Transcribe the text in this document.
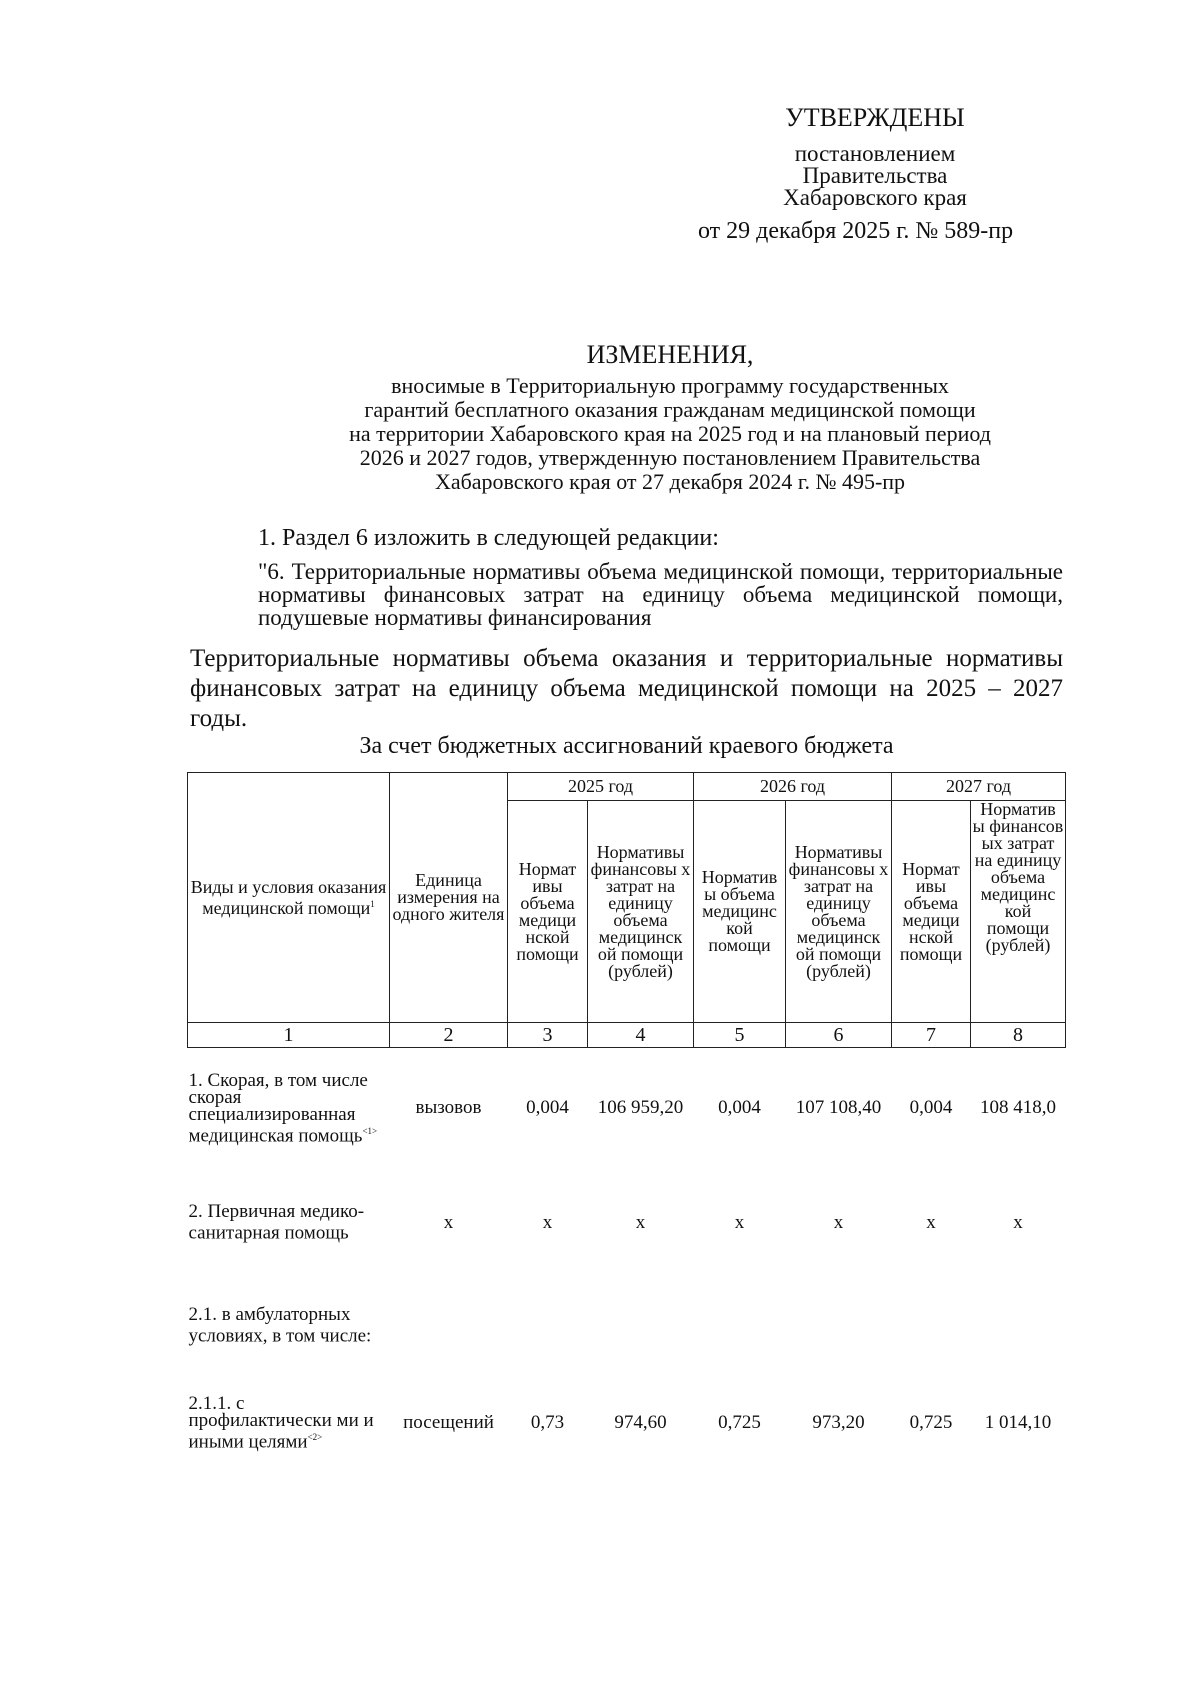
УТВЕРЖДЕНЫ
постановлением
Правительства
Хабаровского края
от 29 декабря 2025 г. № 589-пр
ИЗМЕНЕНИЯ,
вносимые в Территориальную программу государственных
гарантий бесплатного оказания гражданам медицинской помощи
на территории Хабаровского края на 2025 год и на плановый период
2026 и 2027 годов, утвержденную постановлением Правительства
Хабаровского края от 27 декабря 2024 г. № 495-пр
1. Раздел 6 изложить в следующей редакции:
"6. Территориальные нормативы объема медицинской помощи, территориальные нормативы финансовых затрат на единицу объема медицинской помощи, подушевые нормативы финансирования
Территориальные нормативы объема оказания и территориальные нормативы финансовых затрат на единицу объема медицинской помощи на 2025 – 2027 годы.
За счет бюджетных ассигнований краевого бюджета
Виды и условия оказания медицинской помощи$^1$	Единица измерения на одного жителя	2025 год		2026 год		2027 год	
		Нормат ивы объема медици нской помощи	Нормативы финансовы х затрат на единицу объема медицинск ой помощи (рублей)	Норматив ы объема медицинс кой помощи	Нормативы финансовы х затрат на единицу объема медицинск ой помощи (рублей)	Нормат ивы объема медици нской помощи	Норматив ы финансов ых затрат на единицу объема медицинс кой помощи (рублей)
1	2	3	4	5	6	7	8
1. Скорая, в том числе скорая специализированная медицинская помощь$^{<1>}$	вызовов	0,004	106 959,20	0,004	107 108,40	0,004	108 418,0
2. Первичная медико-санитарная помощь	х	х	х	х	х	х	х
2.1. в амбулаторных условиях, в том числе:							
2.1.1. с профилактически ми и иными целями$^{<2>}$	посещений	0,73	974,60	0,725	973,20	0,725	1 014,10
